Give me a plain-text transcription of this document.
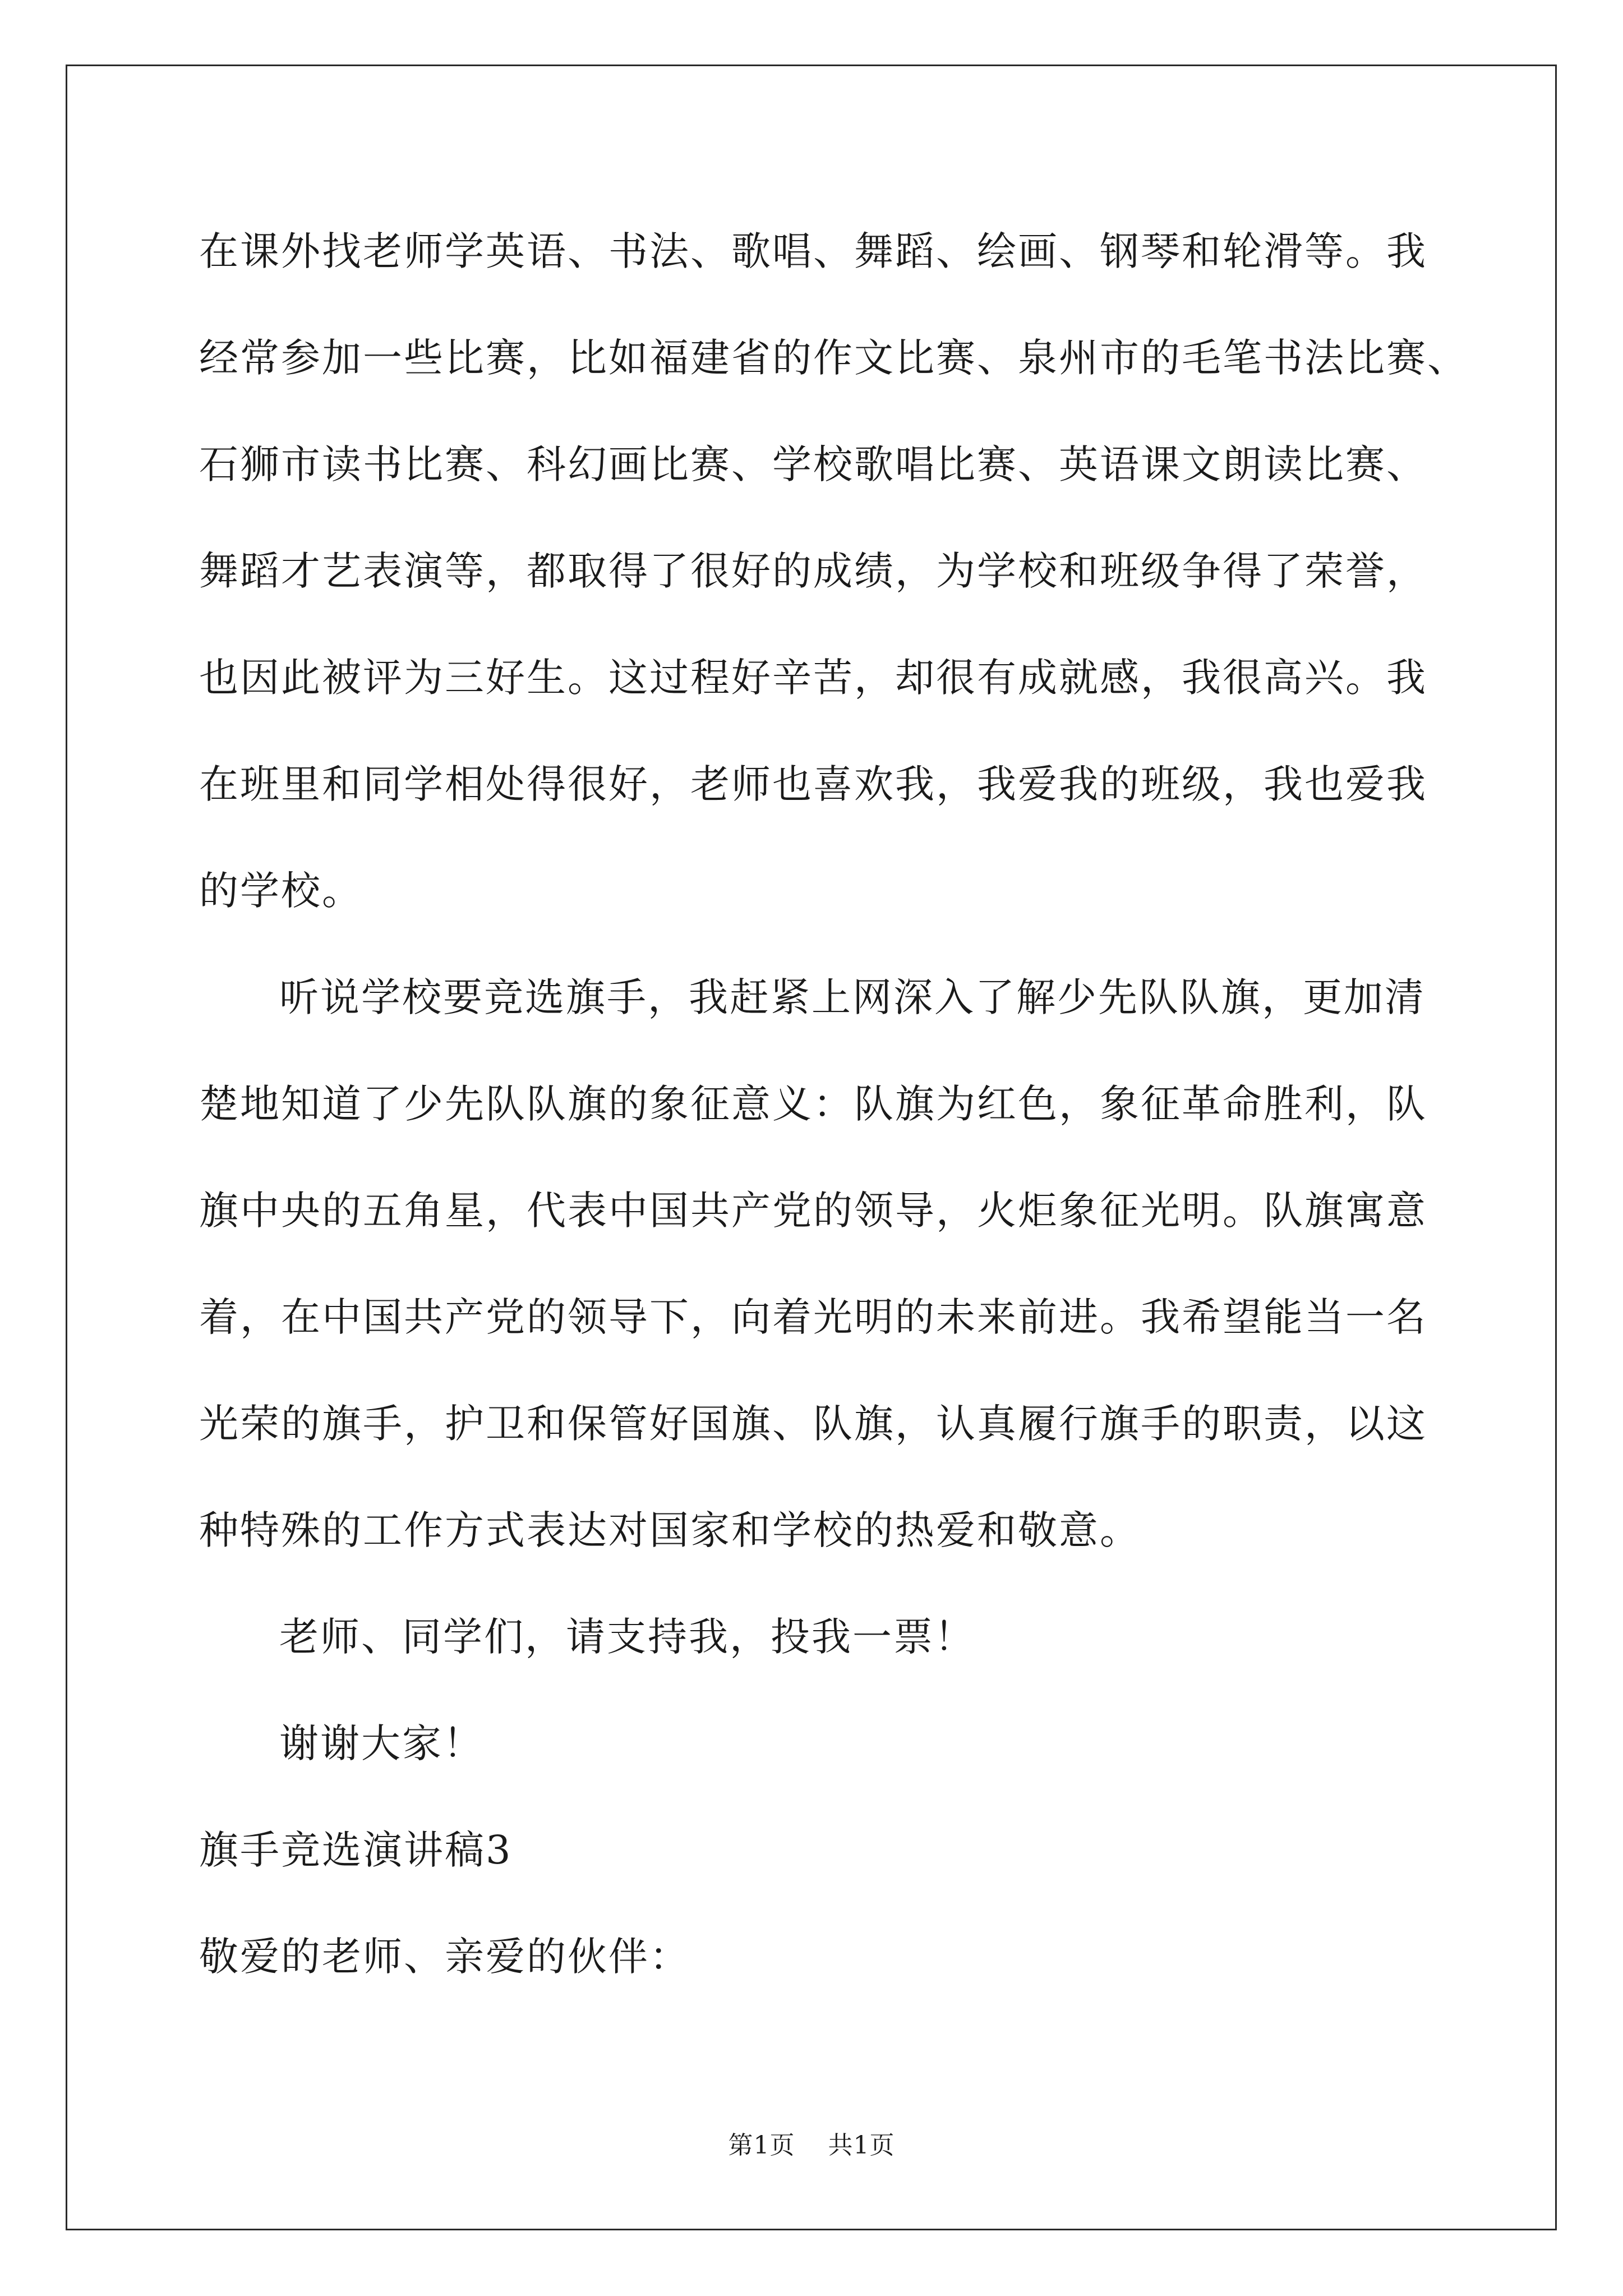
在课外找老师学英语、书法、歌唱、舞蹈、绘画、钢琴和轮滑等。我
经常参加一些比赛，比如福建省的作文比赛、泉州市的毛笔书法比赛、
石狮市读书比赛、科幻画比赛、学校歌唱比赛、英语课文朗读比赛、
舞蹈才艺表演等，都取得了很好的成绩，为学校和班级争得了荣誉，
也因此被评为三好生。这过程好辛苦，却很有成就感，我很高兴。我
在班里和同学相处得很好，老师也喜欢我，我爱我的班级，我也爱我
的学校。
听说学校要竞选旗手，我赶紧上网深入了解少先队队旗，更加清
楚地知道了少先队队旗的象征意义：队旗为红色，象征革命胜利，队
旗中央的五角星，代表中国共产党的领导，火炬象征光明。队旗寓意
着，在中国共产党的领导下，向着光明的未来前进。我希望能当一名
光荣的旗手，护卫和保管好国旗、队旗，认真履行旗手的职责，以这
种特殊的工作方式表达对国家和学校的热爱和敬意。
老师、同学们，请支持我，投我一票！
谢谢大家！
旗手竞选演讲稿3
敬爱的老师、亲爱的伙伴：
第1页 共1页
